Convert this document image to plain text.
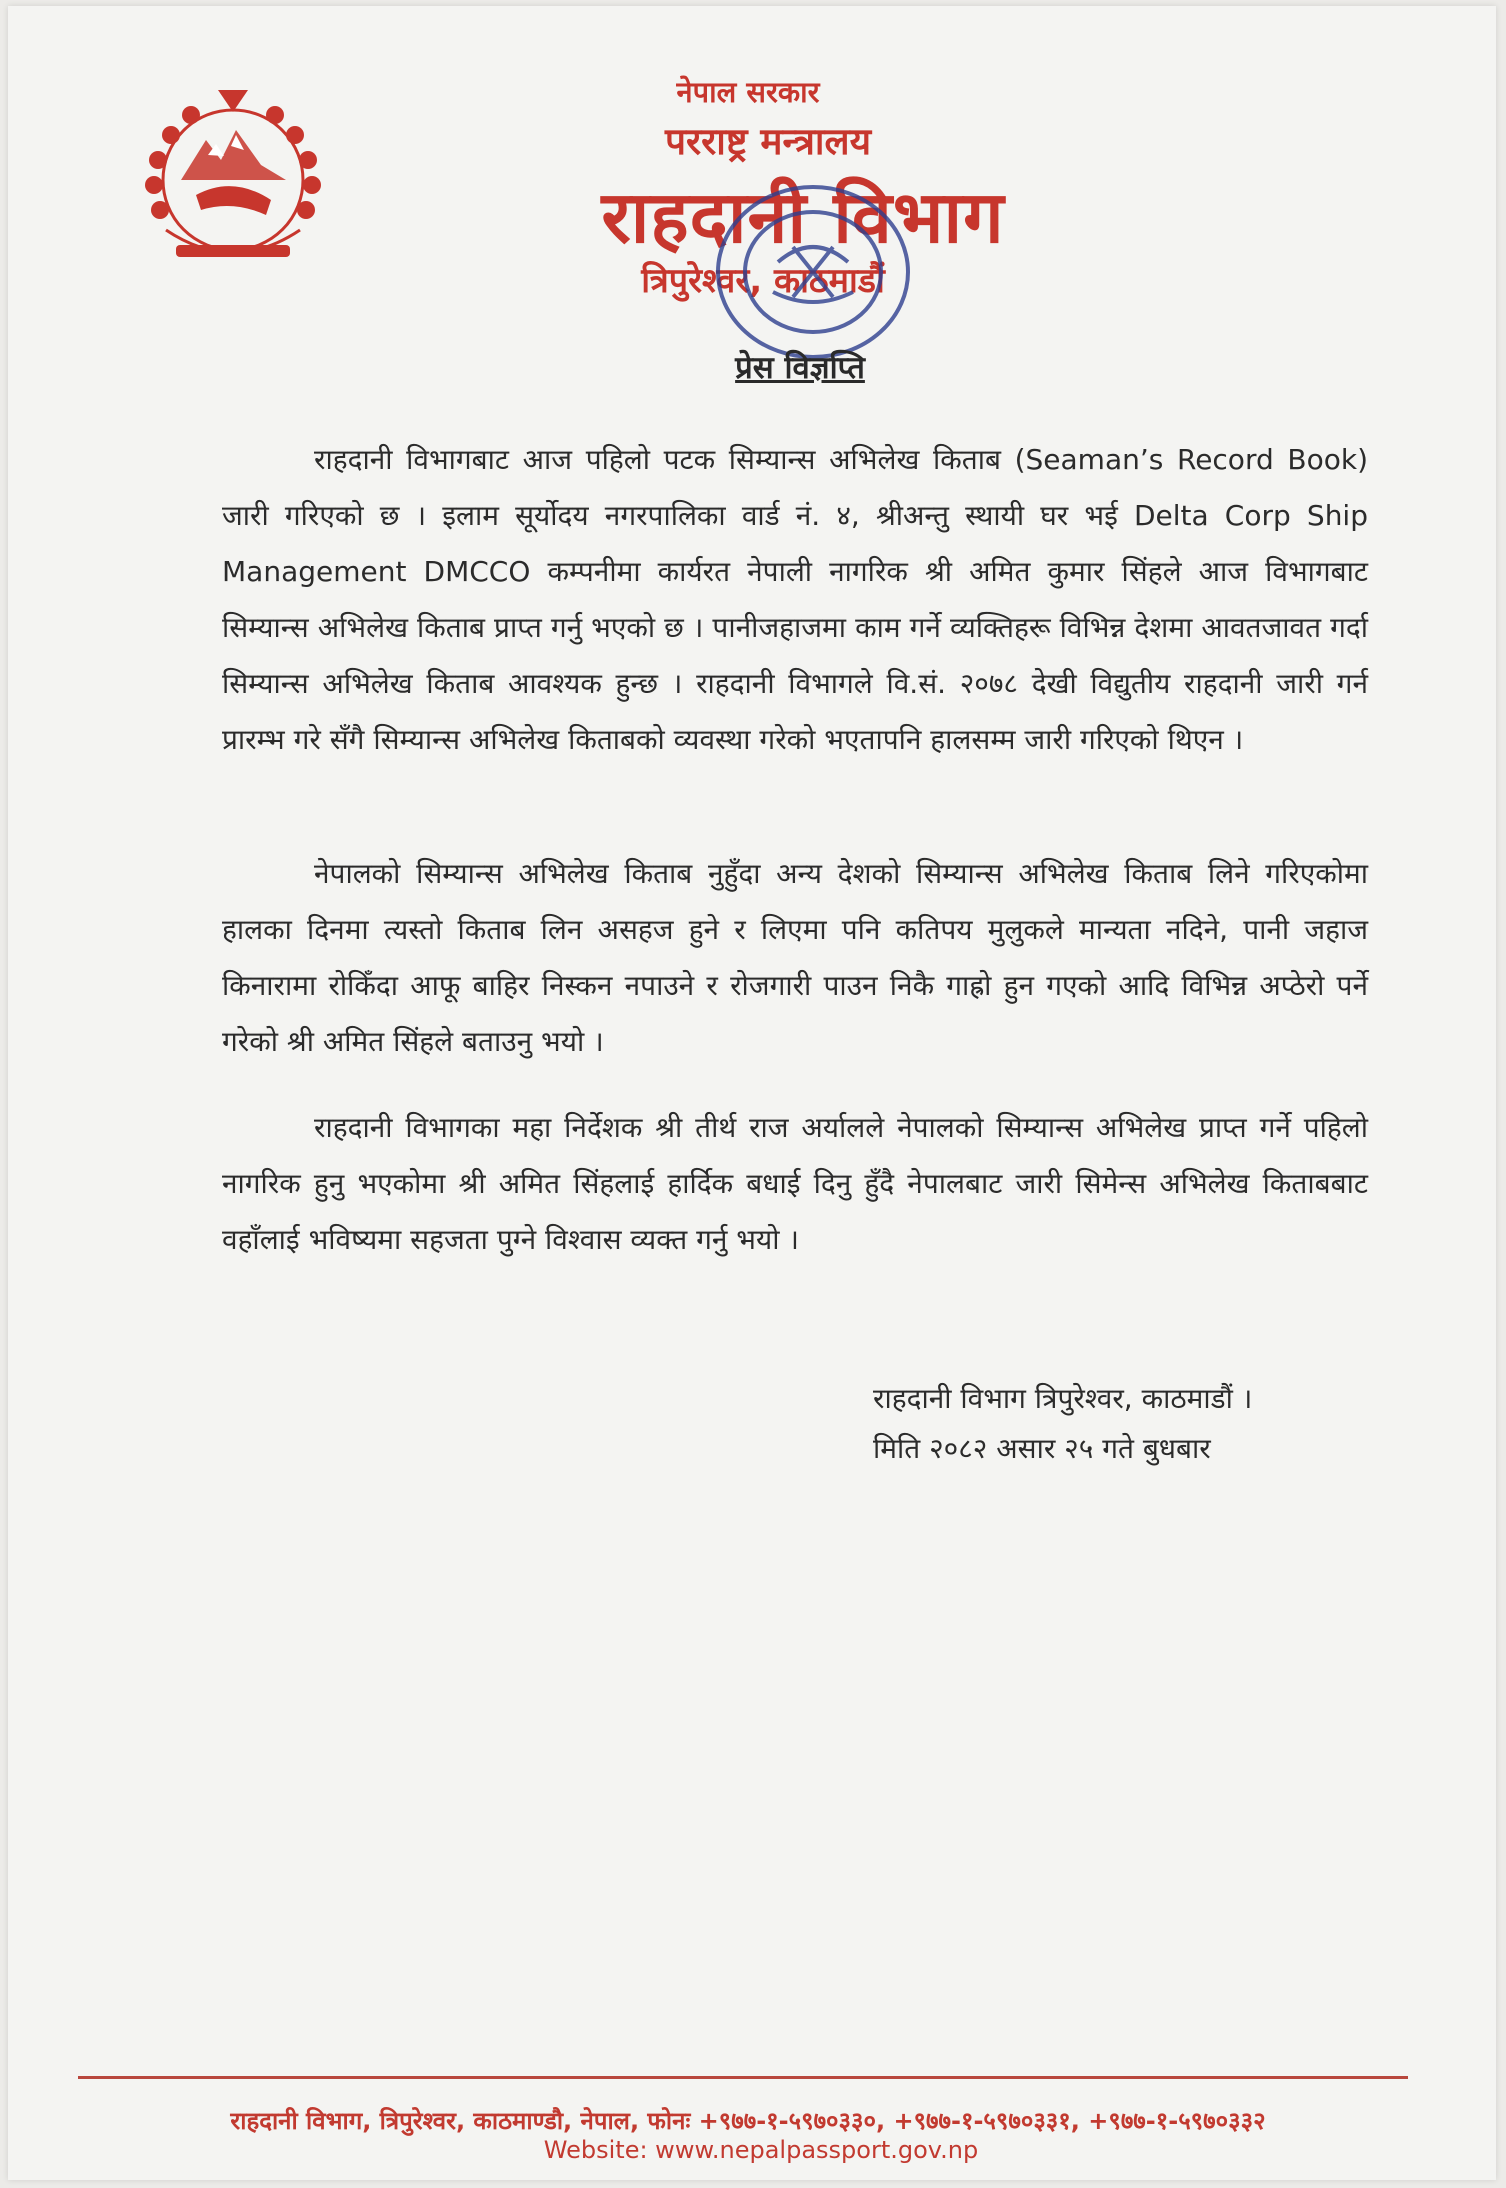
नेपाल सरकार
परराष्ट्र मन्त्रालय
राहदानी विभाग
त्रिपुरेश्वर, काठमाडौं
प्रेस विज्ञप्ति

राहदानी विभागबाट आज पहिलो पटक सिम्यान्स अभिलेख किताब (Seaman’s Record Book) जारी गरिएको छ । इलाम सूर्योदय नगरपालिका वार्ड नं. ४, श्रीअन्तु स्थायी घर भई Delta Corp Ship Management DMCCO कम्पनीमा कार्यरत नेपाली नागरिक श्री अमित कुमार सिंहले आज विभागबाट सिम्यान्स अभिलेख किताब प्राप्त गर्नु भएको छ । पानीजहाजमा काम गर्ने व्यक्तिहरू विभिन्न देशमा आवतजावत गर्दा सिम्यान्स अभिलेख किताब आवश्यक हुन्छ । राहदानी विभागले वि.सं. २०७८ देखी विद्युतीय राहदानी जारी गर्न प्रारम्भ गरे सँगै सिम्यान्स अभिलेख किताबको व्यवस्था गरेको भएतापनि हालसम्म जारी गरिएको थिएन ।

नेपालको सिम्यान्स अभिलेख किताब नुहुँदा अन्य देशको सिम्यान्स अभिलेख किताब लिने गरिएकोमा हालका दिनमा त्यस्तो किताब लिन असहज हुने र लिएमा पनि कतिपय मुलुकले मान्यता नदिने, पानी जहाज किनारामा रोकिँदा आफू बाहिर निस्कन नपाउने र रोजगारी पाउन निकै गाह्रो हुन गएको आदि विभिन्न अप्ठेरो पर्ने गरेको श्री अमित सिंहले बताउनु भयो ।

राहदानी विभागका महा निर्देशक श्री तीर्थ राज अर्यालले नेपालको सिम्यान्स अभिलेख प्राप्त गर्ने पहिलो नागरिक हुनु भएकोमा श्री अमित सिंहलाई हार्दिक बधाई दिनु हुँदै नेपालबाट जारी सिमेन्स अभिलेख किताबबाट वहाँलाई भविष्यमा सहजता पुग्ने विश्वास व्यक्त गर्नु भयो ।

राहदानी विभाग त्रिपुरेश्वर, काठमाडौं ।
मिति २०८२ असार २५ गते बुधबार
राहदानी विभाग, त्रिपुरेश्वर, काठमाण्डौ, नेपाल, फोनः +९७७-१-५९७०३३०, +९७७-१-५९७०३३१, +९७७-१-५९७०३३२
Website: www.nepalpassport.gov.np
